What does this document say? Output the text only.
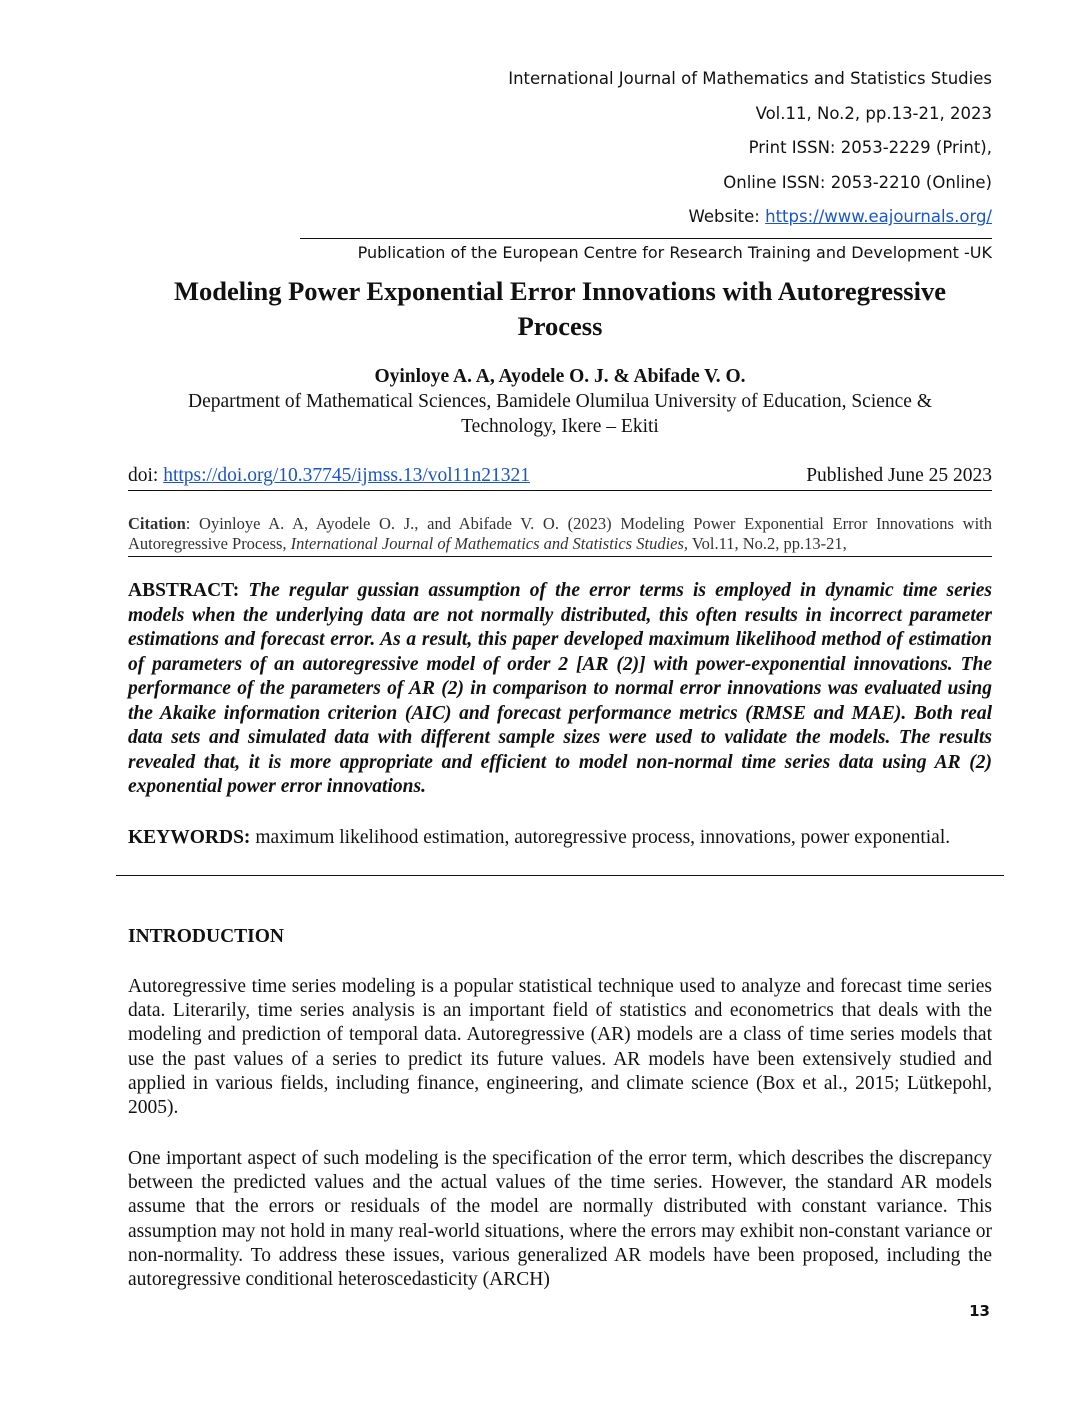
International Journal of Mathematics and Statistics Studies
Vol.11, No.2, pp.13-21, 2023
Print ISSN: 2053-2229 (Print),
Online ISSN: 2053-2210 (Online)
Website: https://www.eajournals.org/
Publication of the European Centre for Research Training and Development -UK
Modeling Power Exponential Error Innovations with Autoregressive
Process
Oyinloye A. A, Ayodele O. J. & Abifade V. O.
Department of Mathematical Sciences, Bamidele Olumilua University of Education, Science &
Technology, Ikere – Ekiti
doi: https://doi.org/10.37745/ijmss.13/vol11n21321	Published June 25 2023
Citation: Oyinloye A. A, Ayodele O. J., and Abifade V. O. (2023) Modeling Power Exponential Error Innovations with Autoregressive Process, International Journal of Mathematics and Statistics Studies, Vol.11, No.2, pp.13-21,
ABSTRACT: The regular gussian assumption of the error terms is employed in dynamic time series models when the underlying data are not normally distributed, this often results in incorrect parameter estimations and forecast error. As a result, this paper developed maximum likelihood method of estimation of parameters of an autoregressive model of order 2 [AR (2)] with power-exponential innovations. The performance of the parameters of AR (2) in comparison to normal error innovations was evaluated using the Akaike information criterion (AIC) and forecast performance metrics (RMSE and MAE). Both real data sets and simulated data with different sample sizes were used to validate the models. The results revealed that, it is more appropriate and efficient to model non-normal time series data using AR (2) exponential power error innovations.
KEYWORDS: maximum likelihood estimation, autoregressive process, innovations, power exponential.
INTRODUCTION
Autoregressive time series modeling is a popular statistical technique used to analyze and forecast time series data. Literarily, time series analysis is an important field of statistics and econometrics that deals with the modeling and prediction of temporal data. Autoregressive (AR) models are a class of time series models that use the past values of a series to predict its future values. AR models have been extensively studied and applied in various fields, including finance, engineering, and climate science (Box et al., 2015; Lütkepohl, 2005).
One important aspect of such modeling is the specification of the error term, which describes the discrepancy between the predicted values and the actual values of the time series. However, the standard AR models assume that the errors or residuals of the model are normally distributed with constant variance. This assumption may not hold in many real-world situations, where the errors may exhibit non-constant variance or non-normality. To address these issues, various generalized AR models have been proposed, including the autoregressive conditional heteroscedasticity (ARCH)
13
